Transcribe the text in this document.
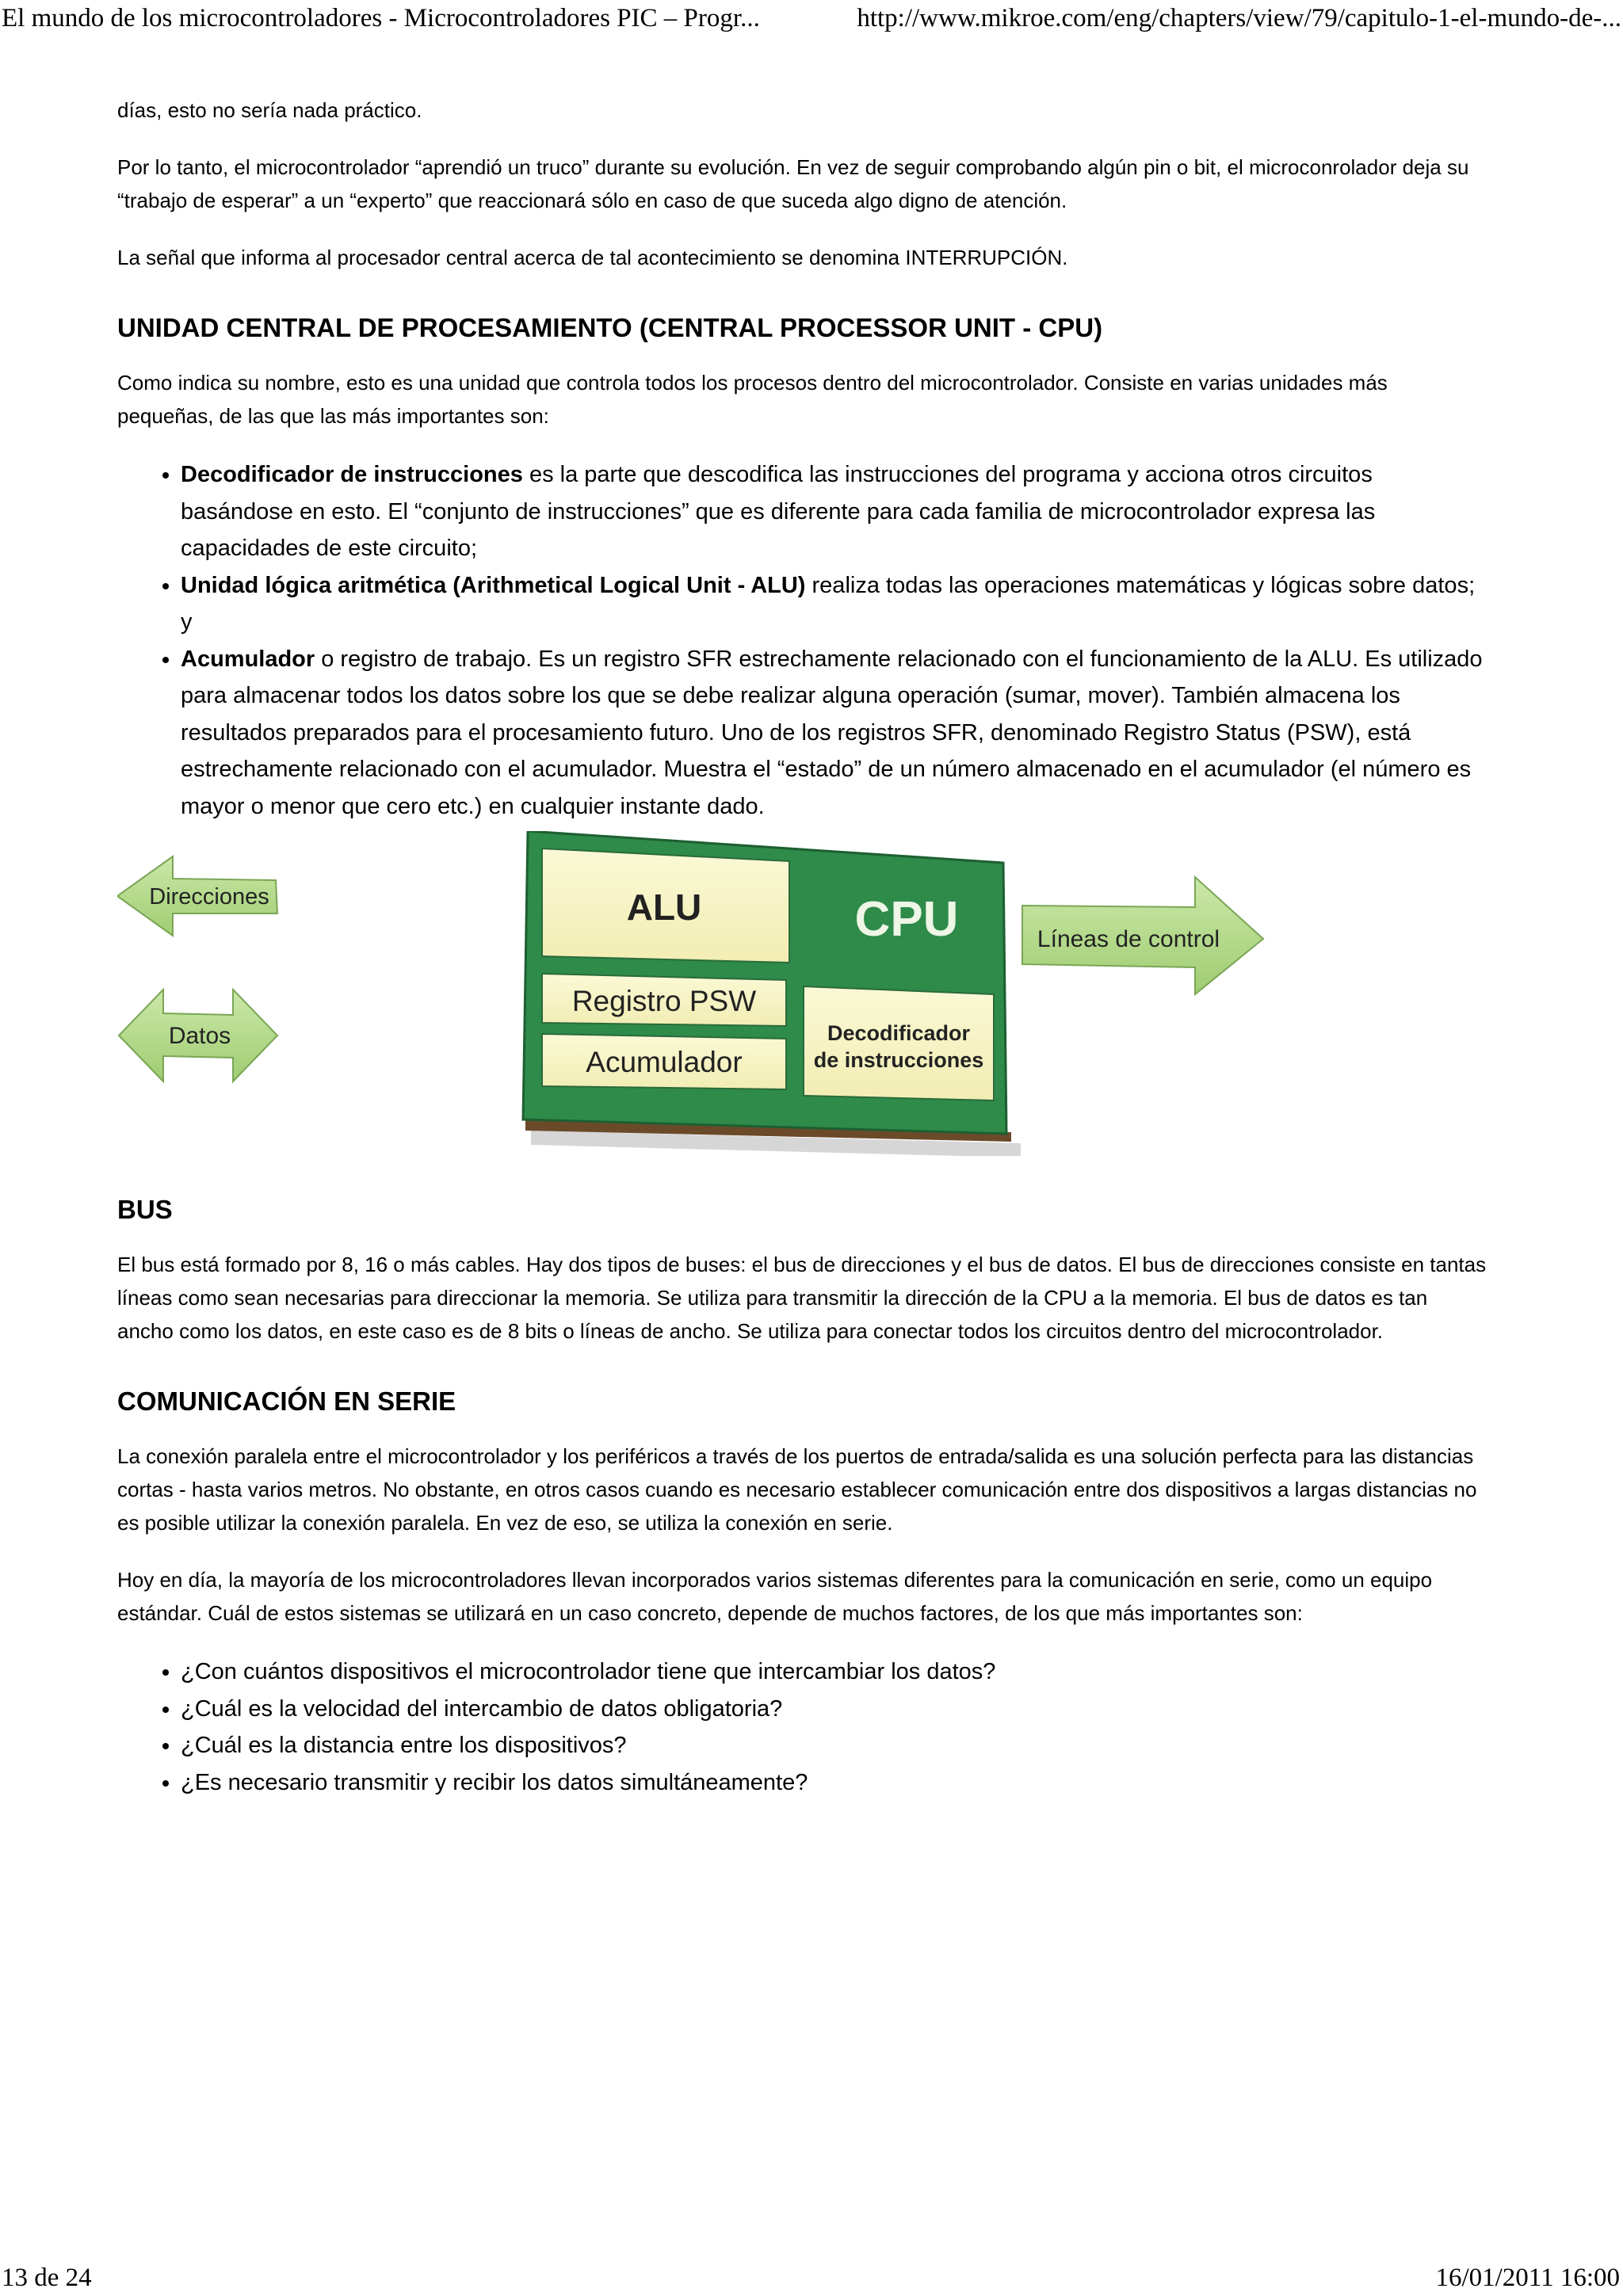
El mundo de los microcontroladores - Microcontroladores PIC – Progr...	http://www.mikroe.com/eng/chapters/view/79/capitulo-1-el-mundo-de-...

días, esto no sería nada práctico.

Por lo tanto, el microcontrolador “aprendió un truco” durante su evolución. En vez de seguir comprobando algún pin o bit, el microconrolador deja su “trabajo de esperar” a un “experto” que reaccionará sólo en caso de que suceda algo digno de atención.

La señal que informa al procesador central acerca de tal acontecimiento se denomina INTERRUPCIÓN.

UNIDAD CENTRAL DE PROCESAMIENTO (CENTRAL PROCESSOR UNIT - CPU)

Como indica su nombre, esto es una unidad que controla todos los procesos dentro del microcontrolador. Consiste en varias unidades más pequeñas, de las que las más importantes son:

• Decodificador de instrucciones es la parte que descodifica las instrucciones del programa y acciona otros circuitos basándose en esto. El “conjunto de instrucciones” que es diferente para cada familia de microcontrolador expresa las capacidades de este circuito;
• Unidad lógica aritmética (Arithmetical Logical Unit - ALU) realiza todas las operaciones matemáticas y lógicas sobre datos; y
• Acumulador o registro de trabajo. Es un registro SFR estrechamente relacionado con el funcionamiento de la ALU. Es utilizado para almacenar todos los datos sobre los que se debe realizar alguna operación (sumar, mover). También almacena los resultados preparados para el procesamiento futuro. Uno de los registros SFR, denominado Registro Status (PSW), está estrechamente relacionado con el acumulador. Muestra el “estado” de un número almacenado en el acumulador (el número es mayor o menor que cero etc.) en cualquier instante dado.
ALU	CPU
Registro PSW
Acumulador
Decodificador
de instrucciones
Direcciones
Datos
Líneas de control
BUS

El bus está formado por 8, 16 o más cables. Hay dos tipos de buses: el bus de direcciones y el bus de datos. El bus de direcciones consiste en tantas líneas como sean necesarias para direccionar la memoria. Se utiliza para transmitir la dirección de la CPU a la memoria. El bus de datos es tan ancho como los datos, en este caso es de 8 bits o líneas de ancho. Se utiliza para conectar todos los circuitos dentro del microcontrolador.

COMUNICACIÓN EN SERIE

La conexión paralela entre el microcontrolador y los periféricos a través de los puertos de entrada/salida es una solución perfecta para las distancias cortas - hasta varios metros. No obstante, en otros casos cuando es necesario establecer comunicación entre dos dispositivos a largas distancias no es posible utilizar la conexión paralela. En vez de eso, se utiliza la conexión en serie.

Hoy en día, la mayoría de los microcontroladores llevan incorporados varios sistemas diferentes para la comunicación en serie, como un equipo estándar. Cuál de estos sistemas se utilizará en un caso concreto, depende de muchos factores, de los que más importantes son:

• ¿Con cuántos dispositivos el microcontrolador tiene que intercambiar los datos?
• ¿Cuál es la velocidad del intercambio de datos obligatoria?
• ¿Cuál es la distancia entre los dispositivos?
• ¿Es necesario transmitir y recibir los datos simultáneamente?
13 de 24	16/01/2011 16:00
